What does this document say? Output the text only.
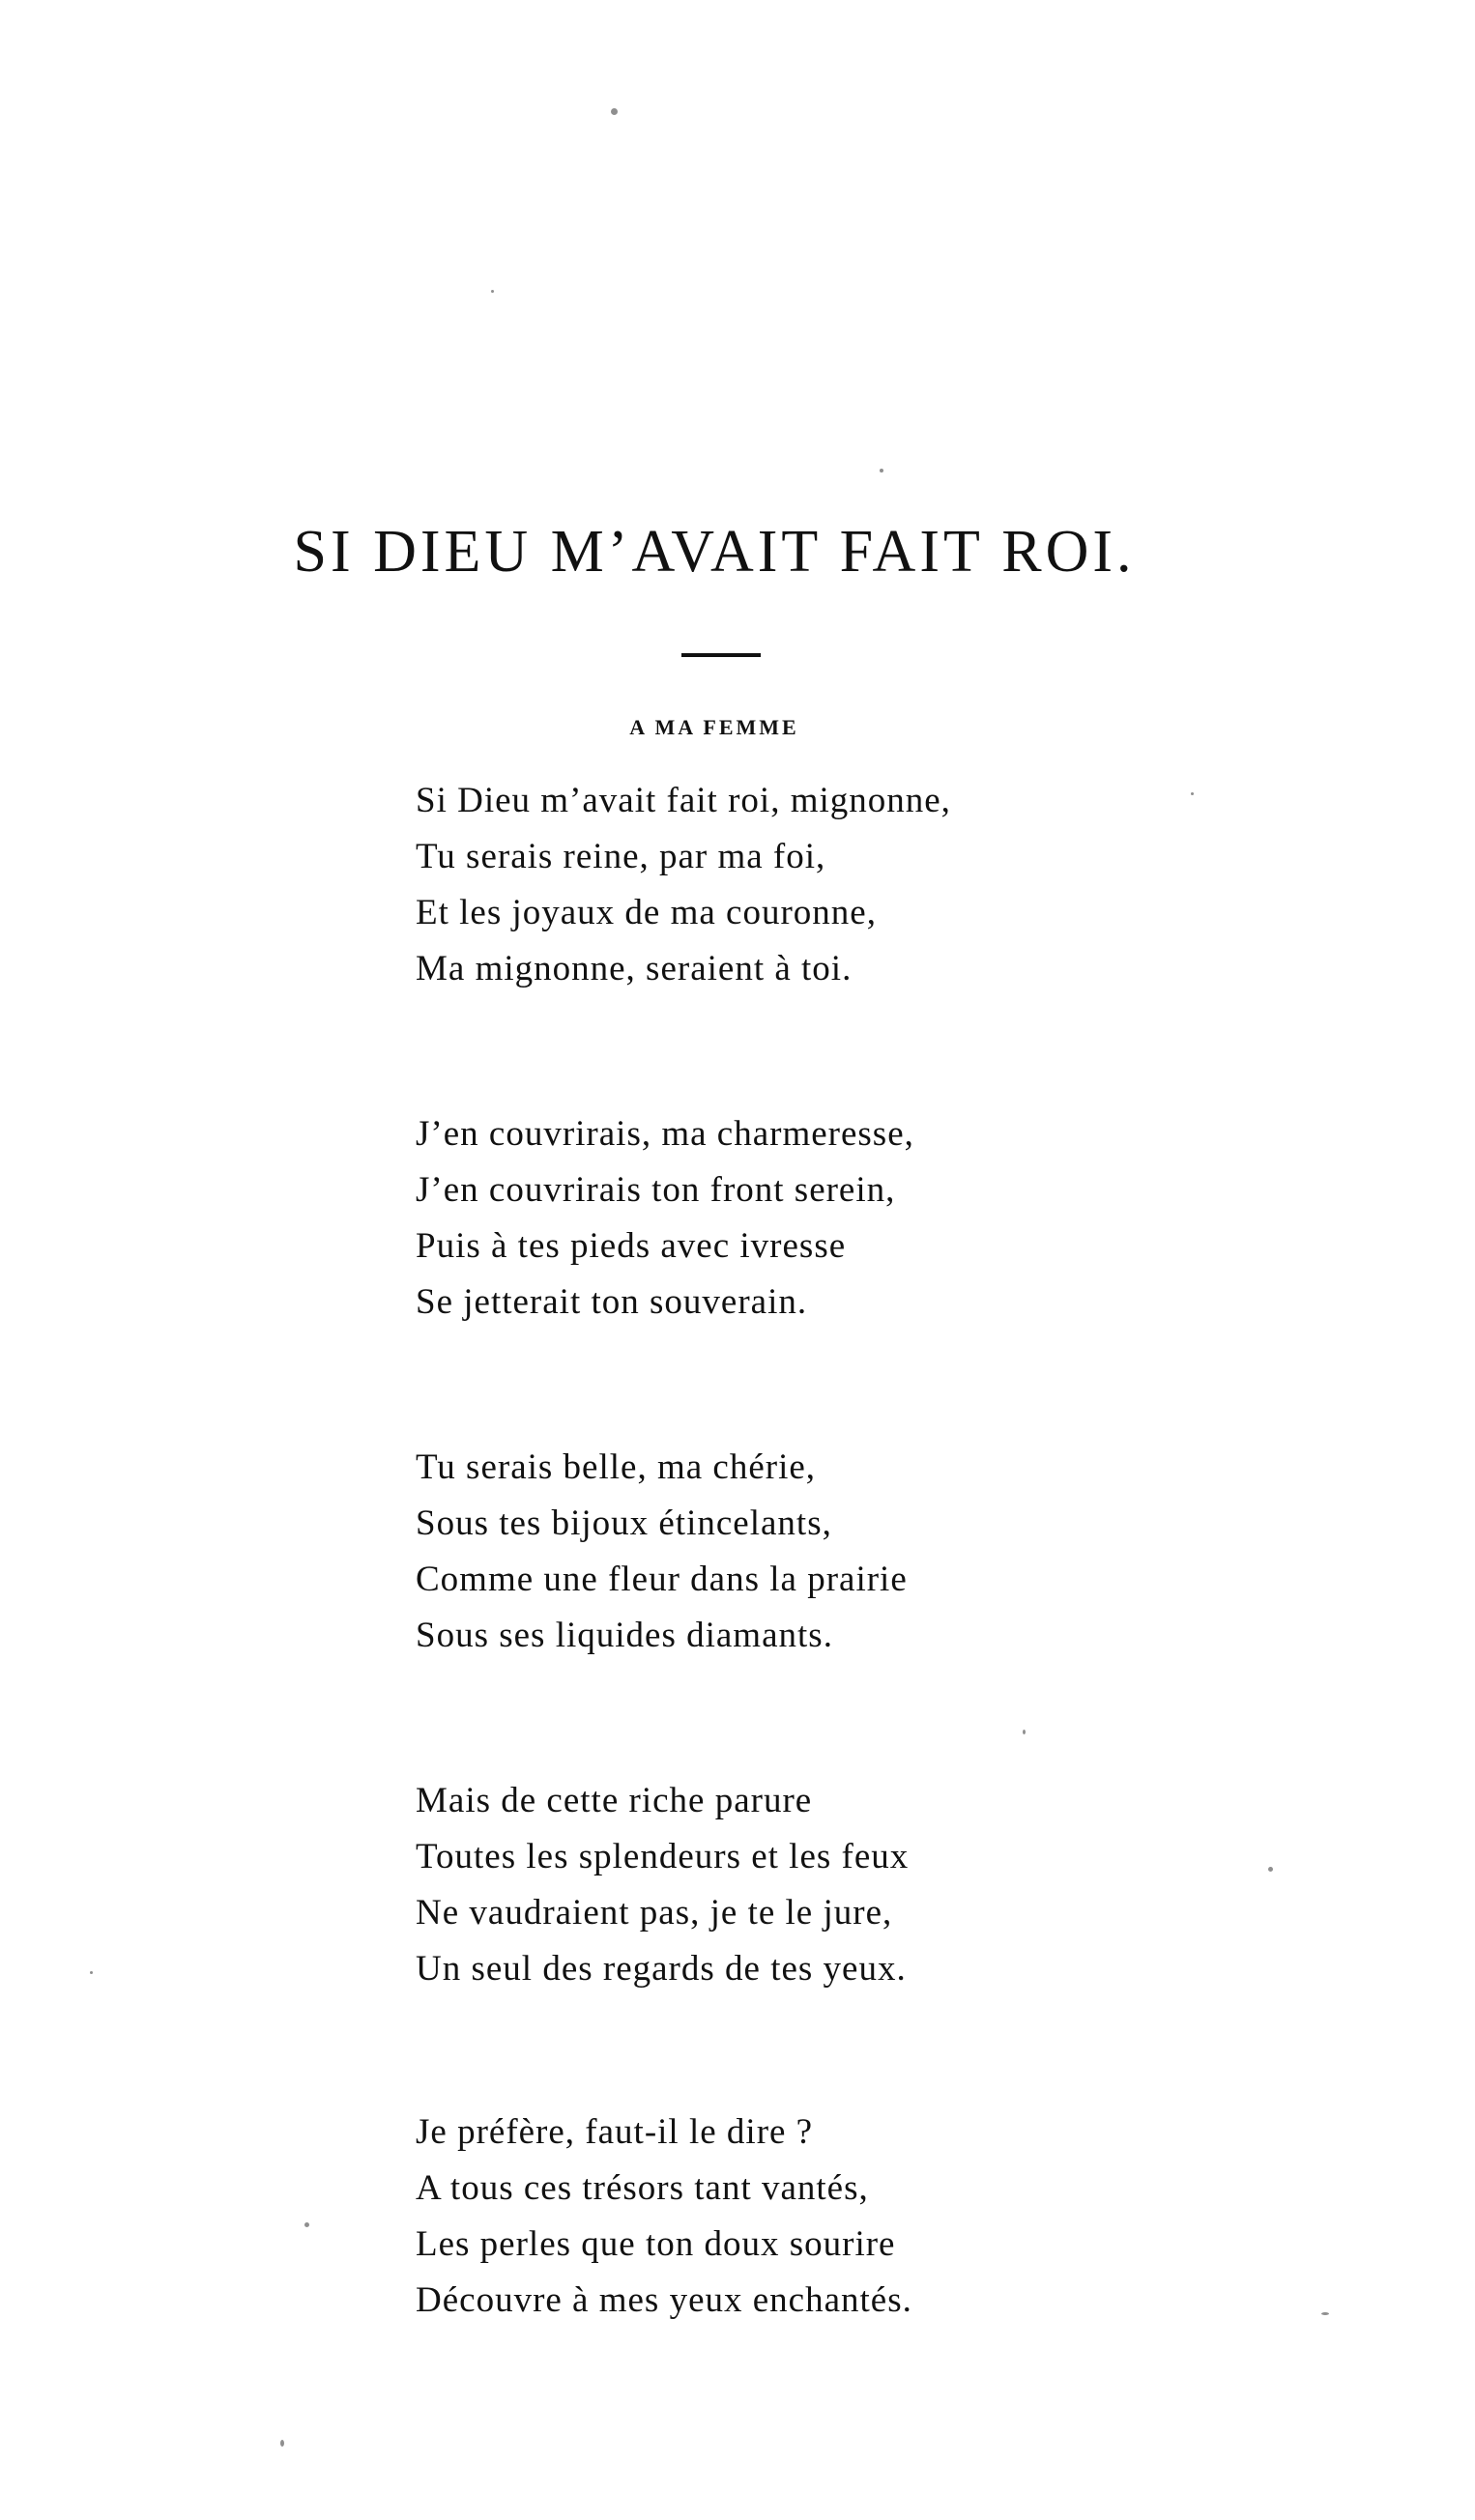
SI DIEU M’AVAIT FAIT ROI.
A MA FEMME
Si Dieu m’avait fait roi, mignonne,
Tu serais reine, par ma foi,
Et les joyaux de ma couronne,
Ma mignonne, seraient à toi.
J’en couvrirais, ma charmeresse,
J’en couvrirais ton front serein,
Puis à tes pieds avec ivresse
Se jetterait ton souverain.
Tu serais belle, ma chérie,
Sous tes bijoux étincelants,
Comme une fleur dans la prairie
Sous ses liquides diamants.
Mais de cette riche parure
Toutes les splendeurs et les feux
Ne vaudraient pas, je te le jure,
Un seul des regards de tes yeux.
Je préfère, faut-il le dire ?
A tous ces trésors tant vantés,
Les perles que ton doux sourire
Découvre à mes yeux enchantés.
